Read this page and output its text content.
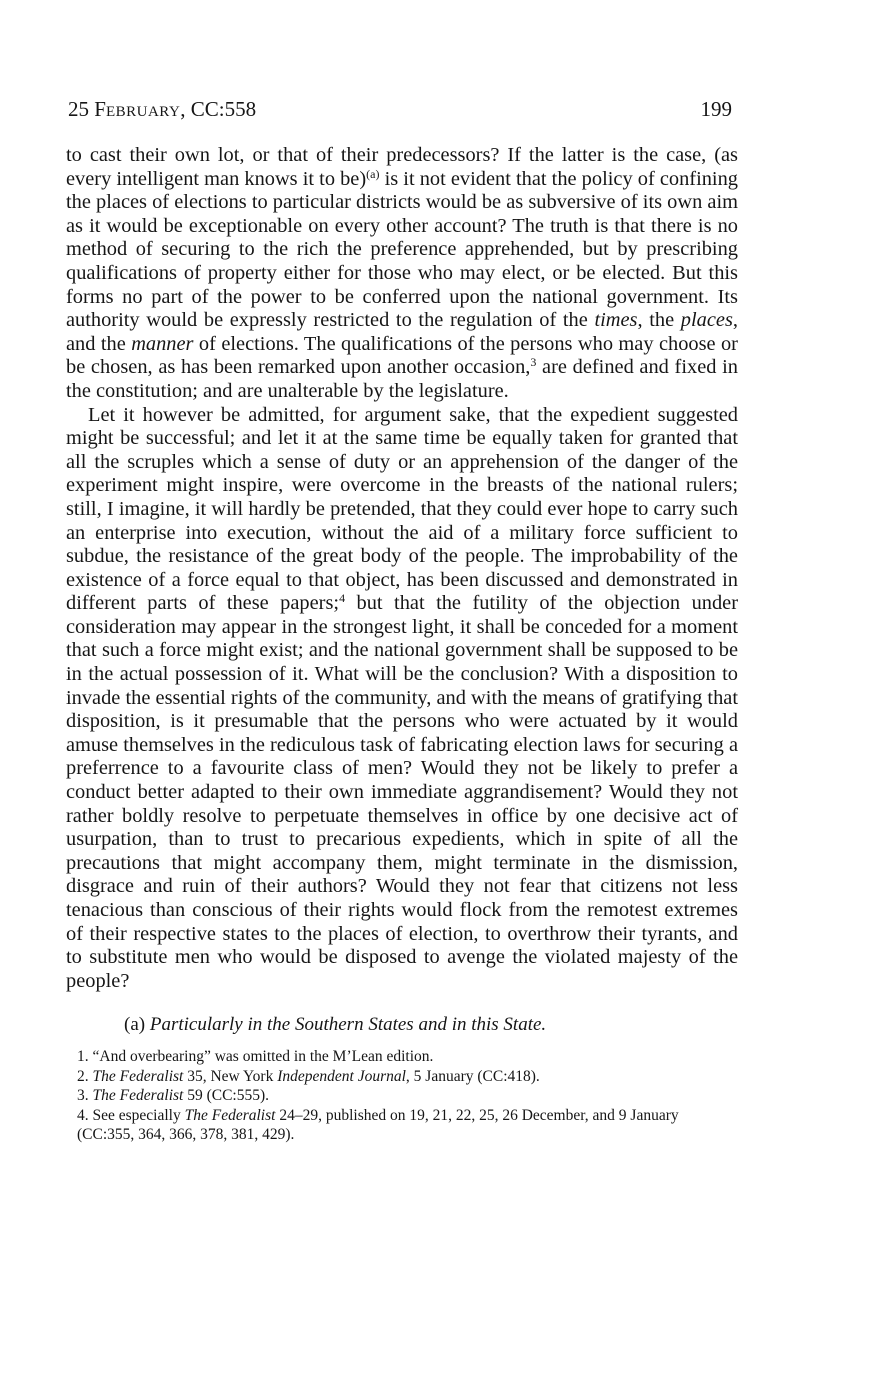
25 FEBRUARY, CC:558	199

to cast their own lot, or that of their predecessors? If the latter is the case, (as every intelligent man knows it to be)$^{(a)}$ is it not evident that the policy of confining the places of elections to particular districts would be as subversive of its own aim as it would be exceptionable on every other account? The truth is that there is no method of securing to the rich the preference apprehended, but by prescribing qualifications of property either for those who may elect, or be elected. But this forms no part of the power to be conferred upon the national government. Its authority would be expressly restricted to the regulation of the times, the places, and the manner of elections. The qualifications of the persons who may choose or be chosen, as has been remarked upon another occasion,$^3$ are defined and fixed in the constitution; and are unalterable by the legislature.

Let it however be admitted, for argument sake, that the expedient suggested might be successful; and let it at the same time be equally taken for granted that all the scruples which a sense of duty or an apprehension of the danger of the experiment might inspire, were overcome in the breasts of the national rulers; still, I imagine, it will hardly be pretended, that they could ever hope to carry such an enterprise into execution, without the aid of a military force sufficient to subdue, the resistance of the great body of the people. The improbability of the existence of a force equal to that object, has been discussed and demonstrated in different parts of these papers;$^4$ but that the futility of the objection under consideration may appear in the strongest light, it shall be conceded for a moment that such a force might exist; and the national government shall be supposed to be in the actual possession of it. What will be the conclusion? With a disposition to invade the essential rights of the community, and with the means of gratifying that disposition, is it presumable that the persons who were actuated by it would amuse themselves in the rediculous task of fabricating election laws for securing a preferrence to a favourite class of men? Would they not be likely to prefer a conduct better adapted to their own immediate aggrandisement? Would they not rather boldly resolve to perpetuate themselves in office by one decisive act of usurpation, than to trust to precarious expedients, which in spite of all the precautions that might accompany them, might terminate in the dismission, disgrace and ruin of their authors? Would they not fear that citizens not less tenacious than conscious of their rights would flock from the remotest extremes of their respective states to the places of election, to overthrow their tyrants, and to substitute men who would be disposed to avenge the violated majesty of the people?

(a) Particularly in the Southern States and in this State.
1. “And overbearing” was omitted in the M’Lean edition.
2. The Federalist 35, New York Independent Journal, 5 January (CC:418).
3. The Federalist 59 (CC:555).
4. See especially The Federalist 24–29, published on 19, 21, 22, 25, 26 December, and 9 January (CC:355, 364, 366, 378, 381, 429).
